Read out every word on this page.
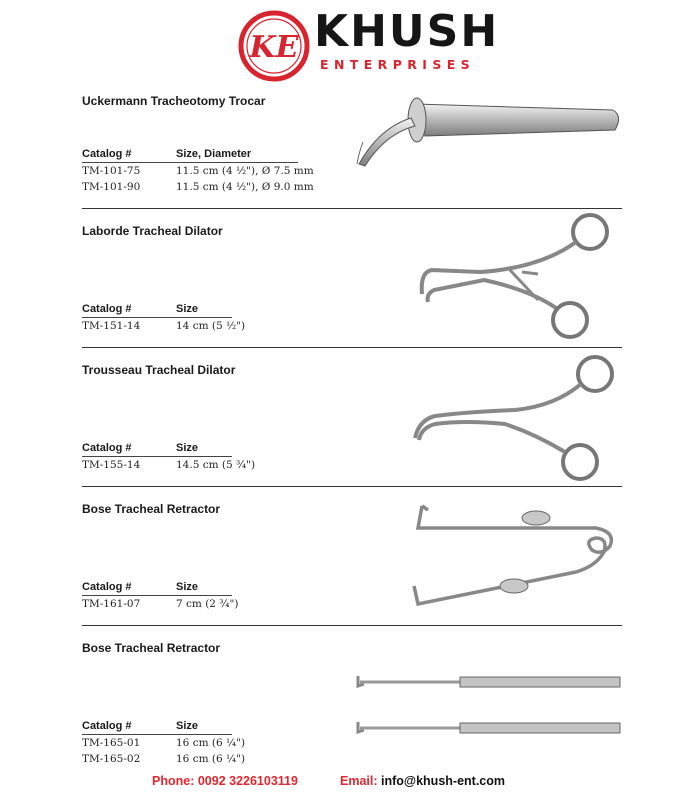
KE KHUSH
ENTERPRISES
Uckermann Tracheotomy Trocar
Catalog #	Size, Diameter
TM-101-75	11.5 cm (4 ½"), Ø 7.5 mm
TM-101-90	11.5 cm (4 ½"), Ø 9.0 mm
Laborde Tracheal Dilator
Catalog #	Size
TM-151-14	14 cm (5 ½")
Trousseau Tracheal Dilator
Catalog #	Size
TM-155-14	14.5 cm (5 ¾")
Bose Tracheal Retractor
Catalog #	Size
TM-161-07	7 cm (2 ¾")
Bose Tracheal Retractor
Catalog #	Size
TM-165-01	16 cm (6 ¼")
TM-165-02	16 cm (6 ¼")
Phone: 0092 3226103119	Email: info@khush-ent.com
